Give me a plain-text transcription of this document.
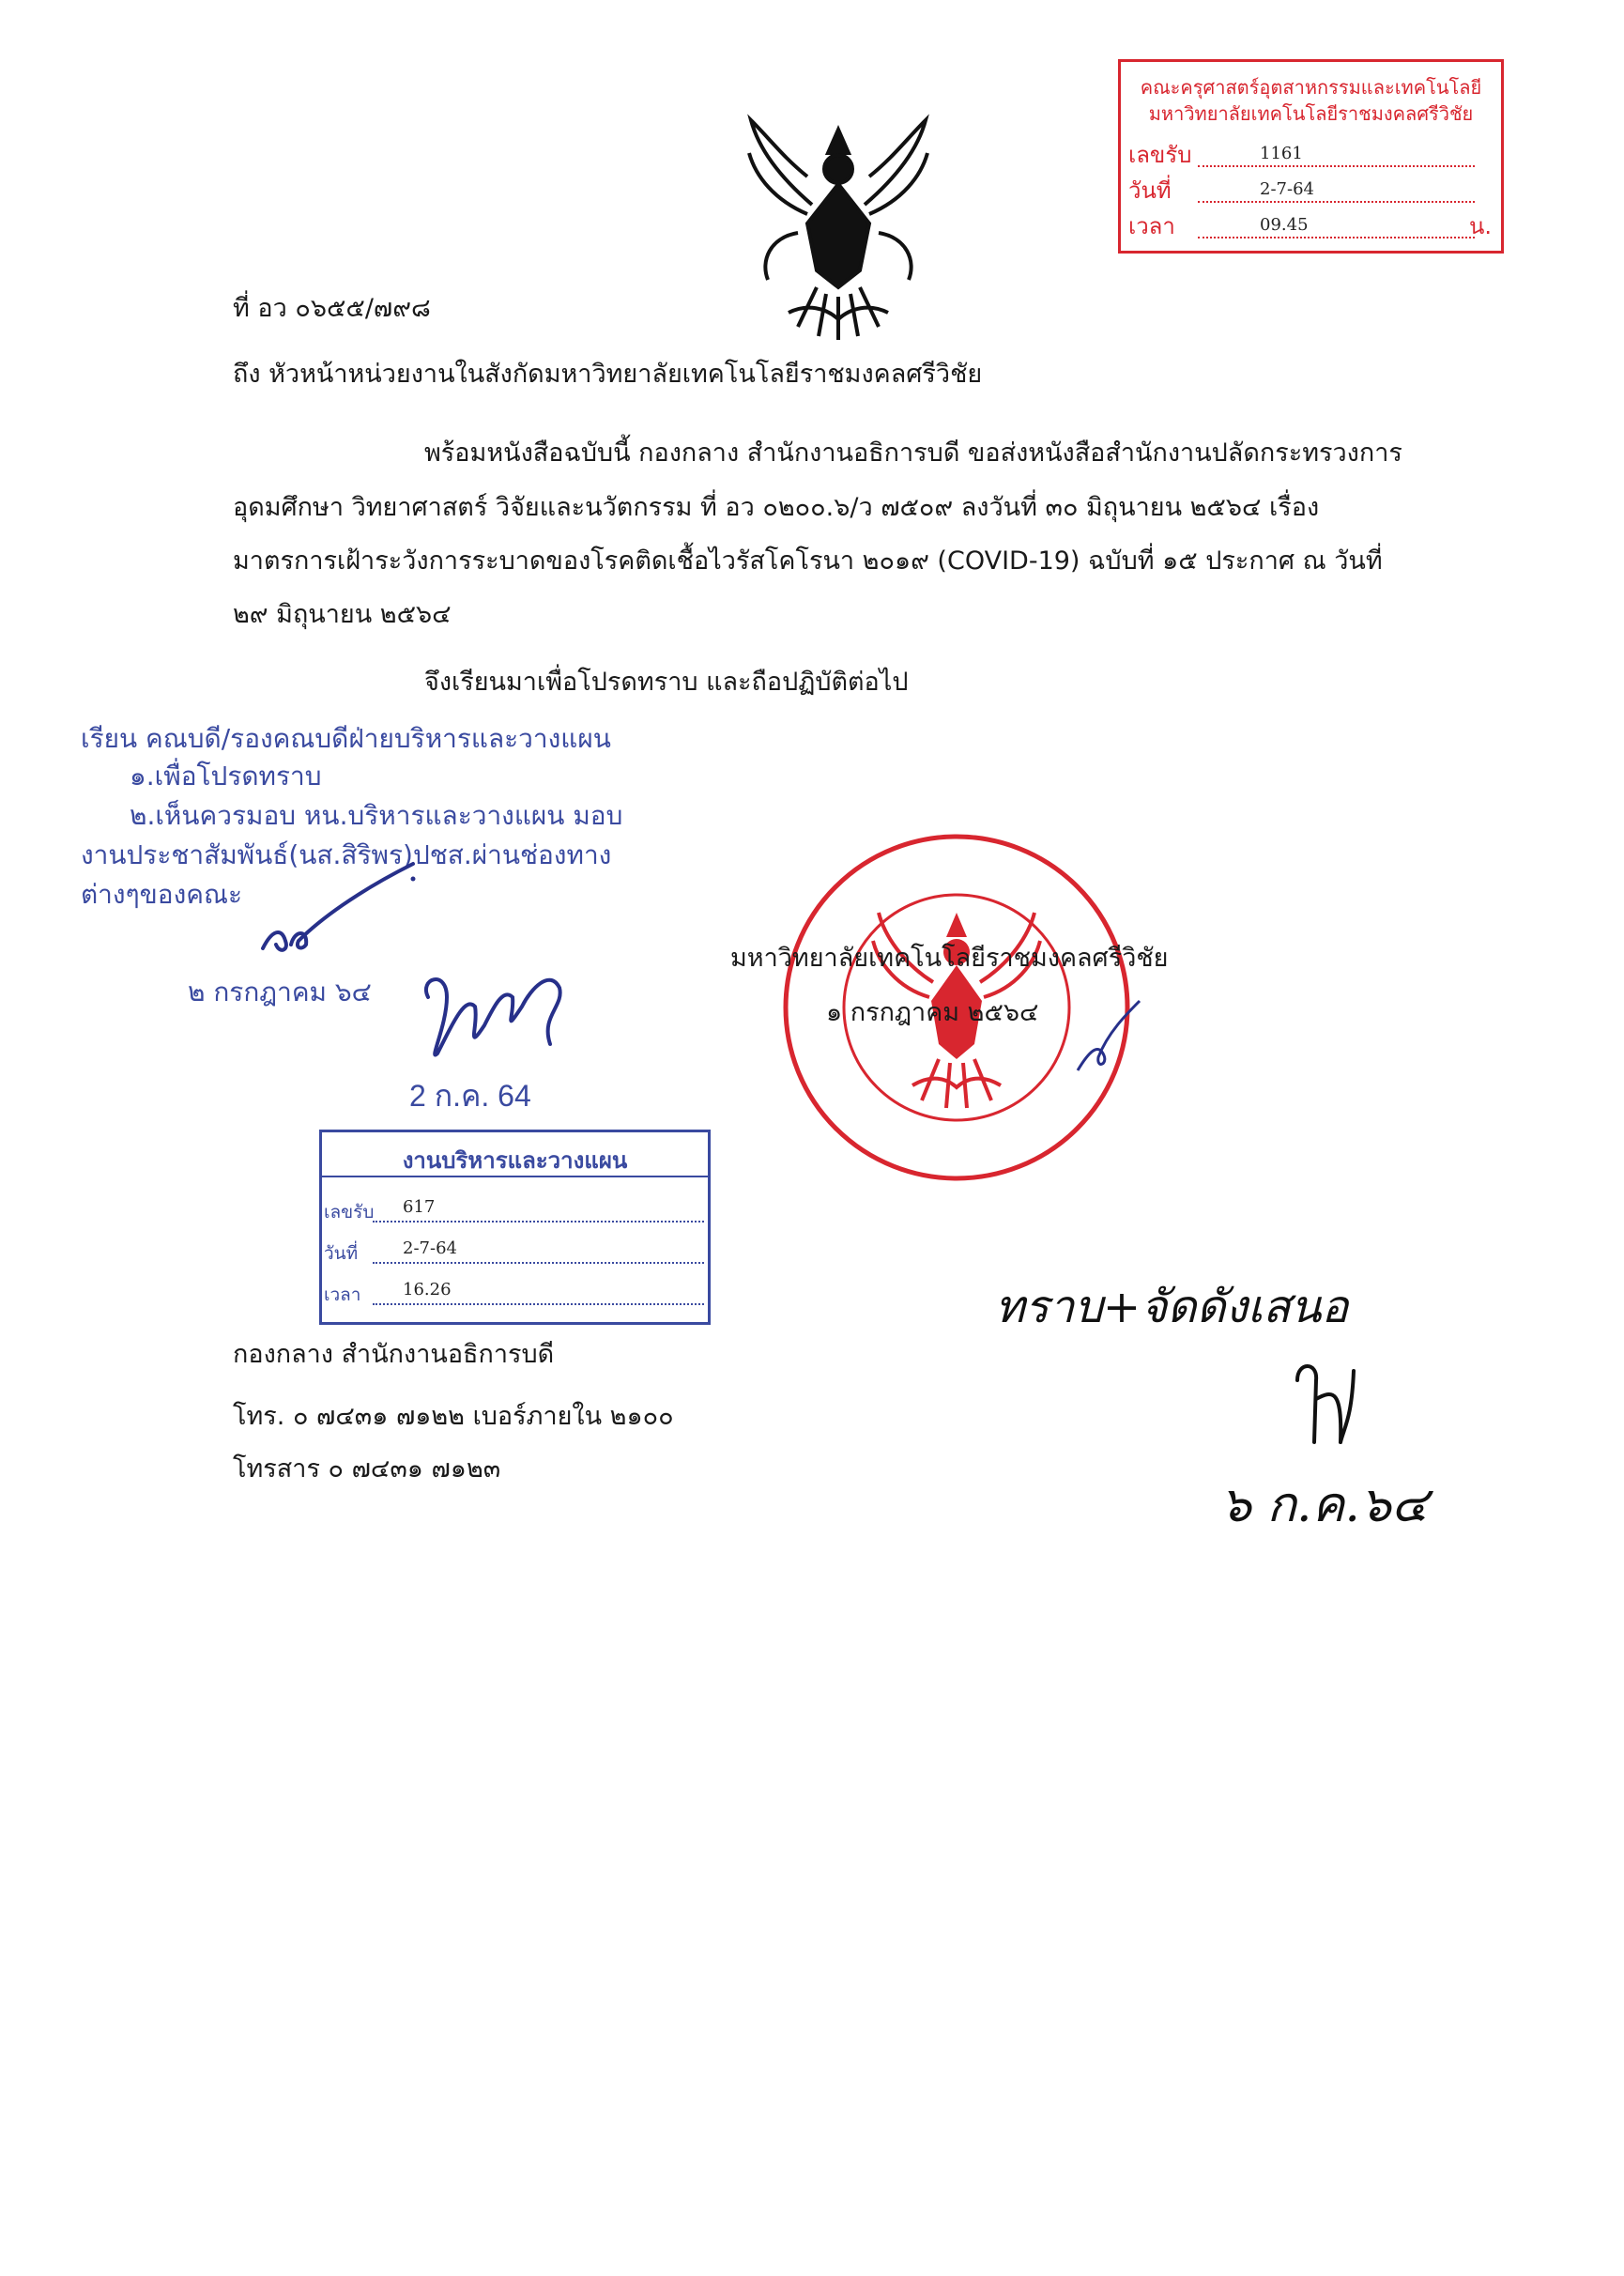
คณะครุศาสตร์อุตสาหกรรมและเทคโนโลยี
มหาวิทยาลัยเทคโนโลยีราชมงคลศรีวิชัย
เลขรับ	1161
วันที่	2-7-64
เวลา	09.45	น.
ที่ อว ๐๖๕๕/๗๙๘
ถึง หัวหน้าหน่วยงานในสังกัดมหาวิทยาลัยเทคโนโลยีราชมงคลศรีวิชัย
พร้อมหนังสือฉบับนี้ กองกลาง สำนักงานอธิการบดี ขอส่งหนังสือสำนักงานปลัดกระทรวงการ
อุดมศึกษา วิทยาศาสตร์ วิจัยและนวัตกรรม ที่ อว ๐๒๐๐.๖/ว ๗๕๐๙ ลงวันที่ ๓๐ มิถุนายน ๒๕๖๔ เรื่อง
มาตรการเฝ้าระวังการระบาดของโรคติดเชื้อไวรัสโคโรนา ๒๐๑๙ (COVID-19) ฉบับที่ ๑๕ ประกาศ ณ วันที่
๒๙ มิถุนายน ๒๕๖๔
จึงเรียนมาเพื่อโปรดทราบ และถือปฏิบัติต่อไป
เรียน คณบดี/รองคณบดีฝ่ายบริหารและวางแผน
๑.เพื่อโปรดทราบ
๒.เห็นควรมอบ หน.บริหารและวางแผน มอบ
งานประชาสัมพันธ์(นส.สิริพร)ปชส.ผ่านช่องทาง
ต่างๆของคณะ
๒ กรกฎาคม ๖๔
2 ก.ค. 64
มหาวิทยาลัยเทคโนโลยีราชมงคลศรีวิชัย
๑ กรกฎาคม ๒๕๖๔
งานบริหารและวางแผน
เลขรับ 617
วันที่	2-7-64
เวลา 16.26	ทราบ+จัดดังเสนอ
๖ ก.ค.๖๔
กองกลาง สำนักงานอธิการบดี
โทร. ๐ ๗๔๓๑ ๗๑๒๒ เบอร์ภายใน ๒๑๐๐
โทรสาร ๐ ๗๔๓๑ ๗๑๒๓
